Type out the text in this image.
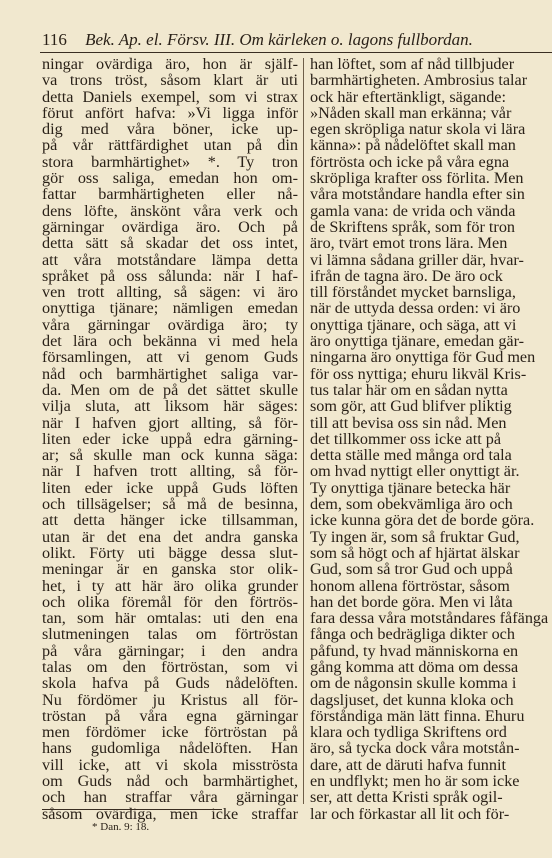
116 Bek. Ap. el. Försv. III. Om kärleken o. lagons fullbordan.
ningar ovärdiga äro, hon är själf-
va trons tröst, såsom klart är uti
detta Daniels exempel, som vi strax
förut anfört hafva: »Vi ligga inför
dig med våra böner, icke up-
på vår rättfärdighet utan på din
stora barmhärtighet» *. Ty tron
gör oss saliga, emedan hon om-
fattar barmhärtigheten eller nå-
dens löfte, änskönt våra verk och
gärningar ovärdiga äro. Och på
detta sätt så skadar det oss intet,
att våra motståndare lämpa detta
språket på oss sålunda: när I haf-
ven trott allting, så sägen: vi äro
onyttiga tjänare; nämligen emedan
våra gärningar ovärdiga äro; ty
det lära och bekänna vi med hela
församlingen, att vi genom Guds
nåd och barmhärtighet saliga var-
da. Men om de på det sättet skulle
vilja sluta, att liksom här säges:
när I hafven gjort allting, så för-
liten eder icke uppå edra gärning-
ar; så skulle man ock kunna säga:
när I hafven trott allting, så för-
liten eder icke uppå Guds löften
och tillsägelser; så må de besinna,
att detta hänger icke tillsamman,
utan är det ena det andra ganska
olikt. Förty uti bägge dessa slut-
meningar är en ganska stor olik-
het, i ty att här äro olika grunder
och olika föremål för den förtrös-
tan, som här omtalas: uti den ena
slutmeningen talas om förtröstan
på våra gärningar; i den andra
talas om den förtröstan, som vi
skola hafva på Guds nådelöften.
Nu fördömer ju Kristus all för-
tröstan på våra egna gärningar
men fördömer icke förtröstan på
hans gudomliga nådelöften. Han
vill icke, att vi skola misströsta
om Guds nåd och barmhärtighet,
och han straffar våra gärningar
såsom ovärdiga, men icke straffar
han löftet, som af nåd tillbjuder
barmhärtigheten. Ambrosius talar
ock här eftertänkligt, sägande:
»Nåden skall man erkänna; vår
egen skröpliga natur skola vi lära
känna»: på nådelöftet skall man
förtrösta och icke på våra egna
skröpliga krafter oss förlita. Men
våra motståndare handla efter sin
gamla vana: de vrida och vända
de Skriftens språk, som för tron
äro, tvärt emot trons lära. Men
vi lämna sådana griller där, hvar-
ifrån de tagna äro. De äro ock
till förståndet mycket barnsliga,
när de uttyda dessa orden: vi äro
onyttiga tjänare, och säga, att vi
äro onyttiga tjänare, emedan gär-
ningarna äro onyttiga för Gud men
för oss nyttiga; ehuru likväl Kris-
tus talar här om en sådan nytta
som gör, att Gud blifver pliktig
till att bevisa oss sin nåd. Men
det tillkommer oss icke att på
detta ställe med många ord tala
om hvad nyttigt eller onyttigt är.
Ty onyttiga tjänare betecka här
dem, som obekvämliga äro och
icke kunna göra det de borde göra.
Ty ingen är, som så fruktar Gud,
som så högt och af hjärtat älskar
Gud, som så tror Gud och uppå
honom allena förtröstar, såsom
han det borde göra. Men vi låta
fara dessa våra motståndares fåfänga
fånga och bedrägliga dikter och
påfund, ty hvad människorna en
gång komma att döma om dessa
om de någonsin skulle komma i
dagsljuset, det kunna kloka och
förståndiga män lätt finna. Ehuru
klara och tydliga Skriftens ord
äro, så tycka dock våra motstån-
dare, att de däruti hafva funnit
en undflykt; men ho är som icke
ser, att detta Kristi språk ogil-
lar och förkastar all lit och för-
* Dan. 9: 18.
